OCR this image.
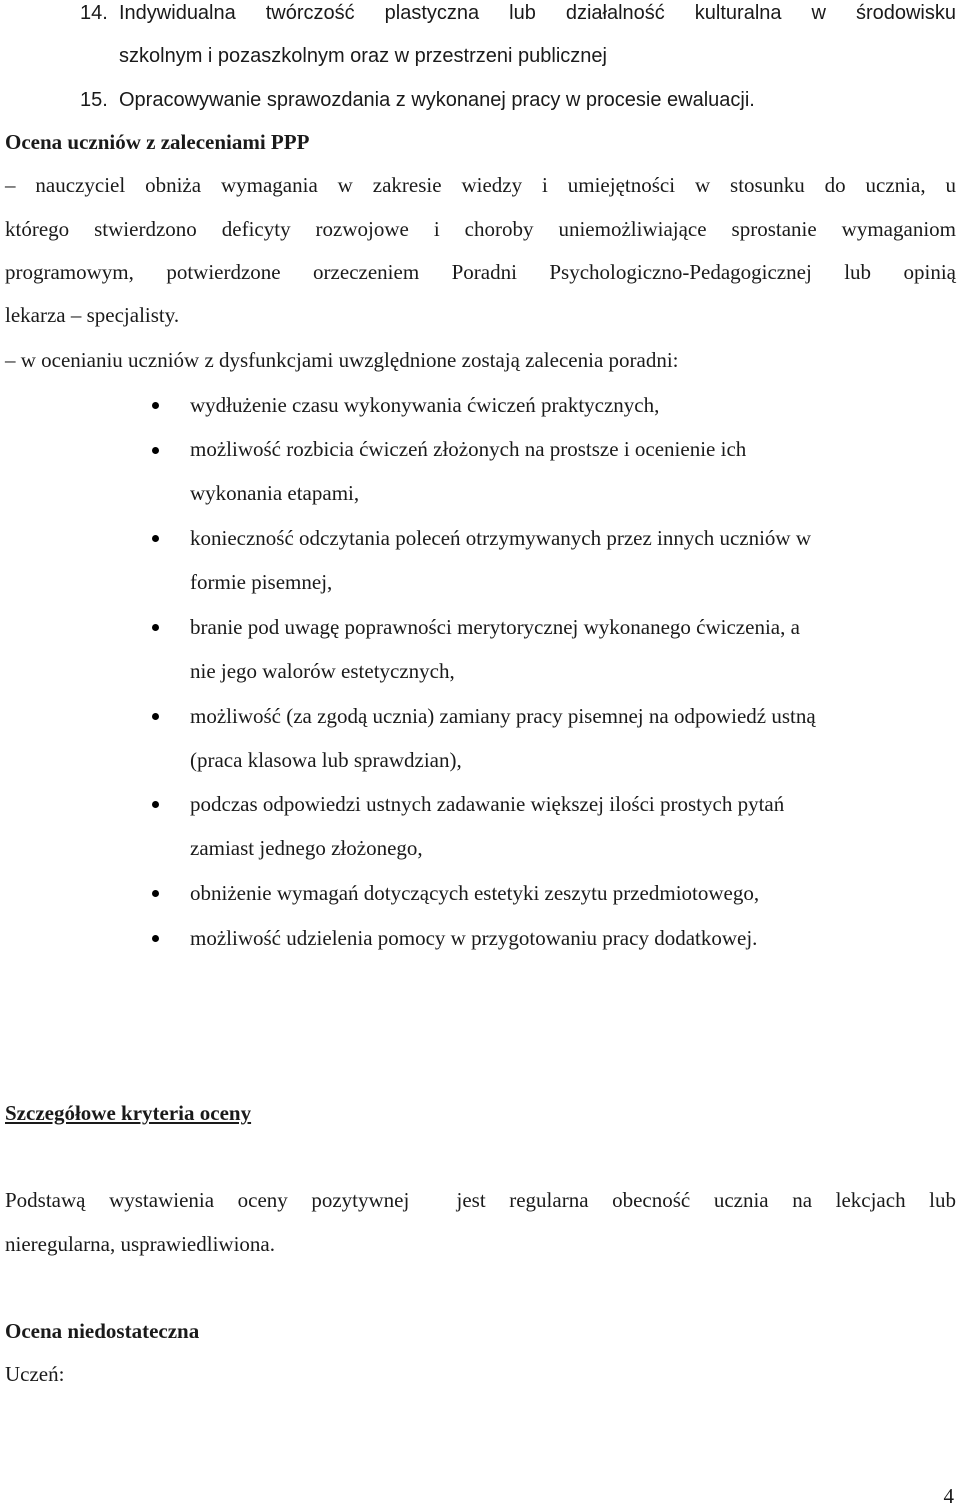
14. Indywidualna twórczość plastyczna lub działalność kulturalna w środowisku
szkolnym i pozaszkolnym oraz w przestrzeni publicznej
15. Opracowywanie sprawozdania z wykonanej pracy w procesie ewaluacji.
Ocena uczniów z zaleceniami PPP
– nauczyciel obniża wymagania w zakresie wiedzy i umiejętności w stosunku do ucznia, u
którego stwierdzono deficyty rozwojowe i choroby uniemożliwiające sprostanie wymaganiom
programowym, potwierdzone orzeczeniem Poradni Psychologiczno-Pedagogicznej lub opinią
lekarza – specjalisty.
– w ocenianiu uczniów z dysfunkcjami uwzględnione zostają zalecenia poradni:
wydłużenie czasu wykonywania ćwiczeń praktycznych,
możliwość rozbicia ćwiczeń złożonych na prostsze i ocenienie ich
wykonania etapami,
konieczność odczytania poleceń otrzymywanych przez innych uczniów w
formie pisemnej,
branie pod uwagę poprawności merytorycznej wykonanego ćwiczenia, a
nie jego walorów estetycznych,
możliwość (za zgodą ucznia) zamiany pracy pisemnej na odpowiedź ustną
(praca klasowa lub sprawdzian),
podczas odpowiedzi ustnych zadawanie większej ilości prostych pytań
zamiast jednego złożonego,
obniżenie wymagań dotyczących estetyki zeszytu przedmiotowego,
możliwość udzielenia pomocy w przygotowaniu pracy dodatkowej.
Szczegółowe kryteria oceny
Podstawą wystawienia oceny pozytywnej  jest regularna obecność ucznia na lekcjach lub
nieregularna, usprawiedliwiona.
Ocena niedostateczna
Uczeń:
4
